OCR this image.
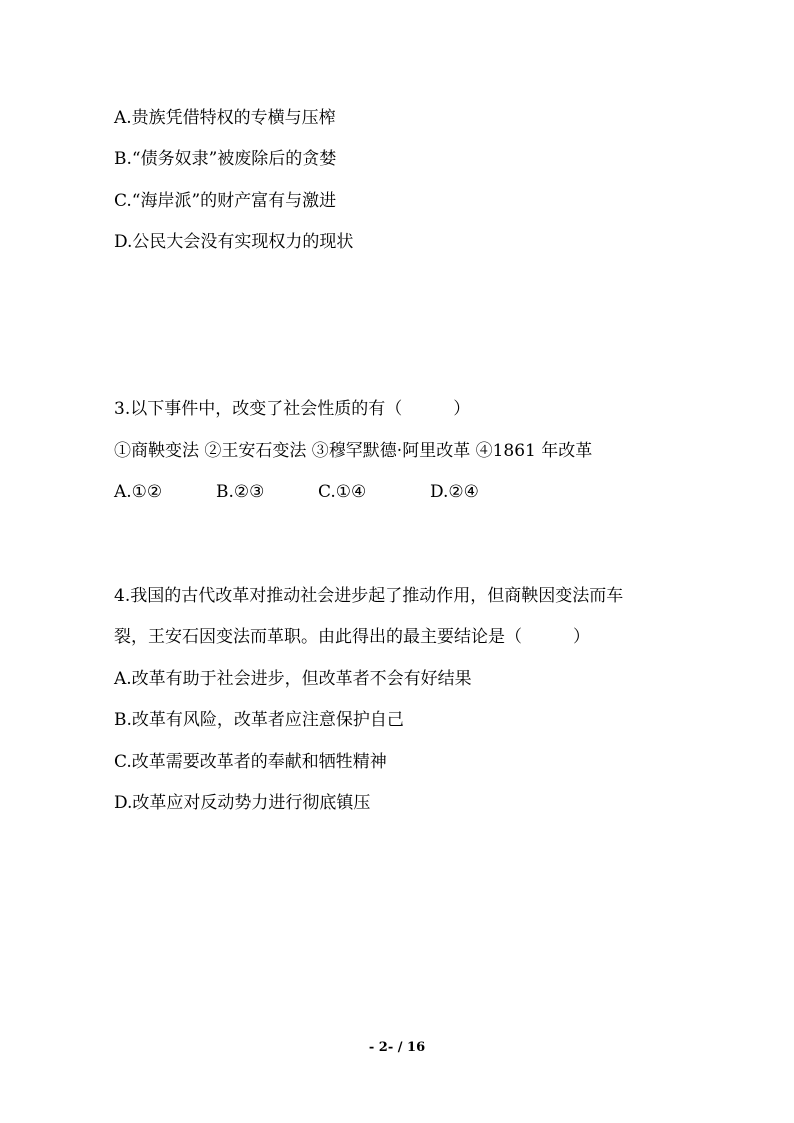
A.贵族凭借特权的专横与压榨
B.“债务奴隶”被废除后的贪婪
C.“海岸派”的财产富有与激进
D.公民大会没有实现权力的现状
3.以下事件中，改变了社会性质的有（　　　）
①商鞅变法 ②王安石变法 ③穆罕默德·阿里改革 ④1861 年改革
A.①②	B.②③	C.①④	D.②④
4.我国的古代改革对推动社会进步起了推动作用，但商鞅因变法而车
裂，王安石因变法而革职。由此得出的最主要结论是（　　　）
A.改革有助于社会进步，但改革者不会有好结果
B.改革有风险，改革者应注意保护自己
C.改革需要改革者的奉献和牺牲精神
D.改革应对反动势力进行彻底镇压
- 2- / 16
